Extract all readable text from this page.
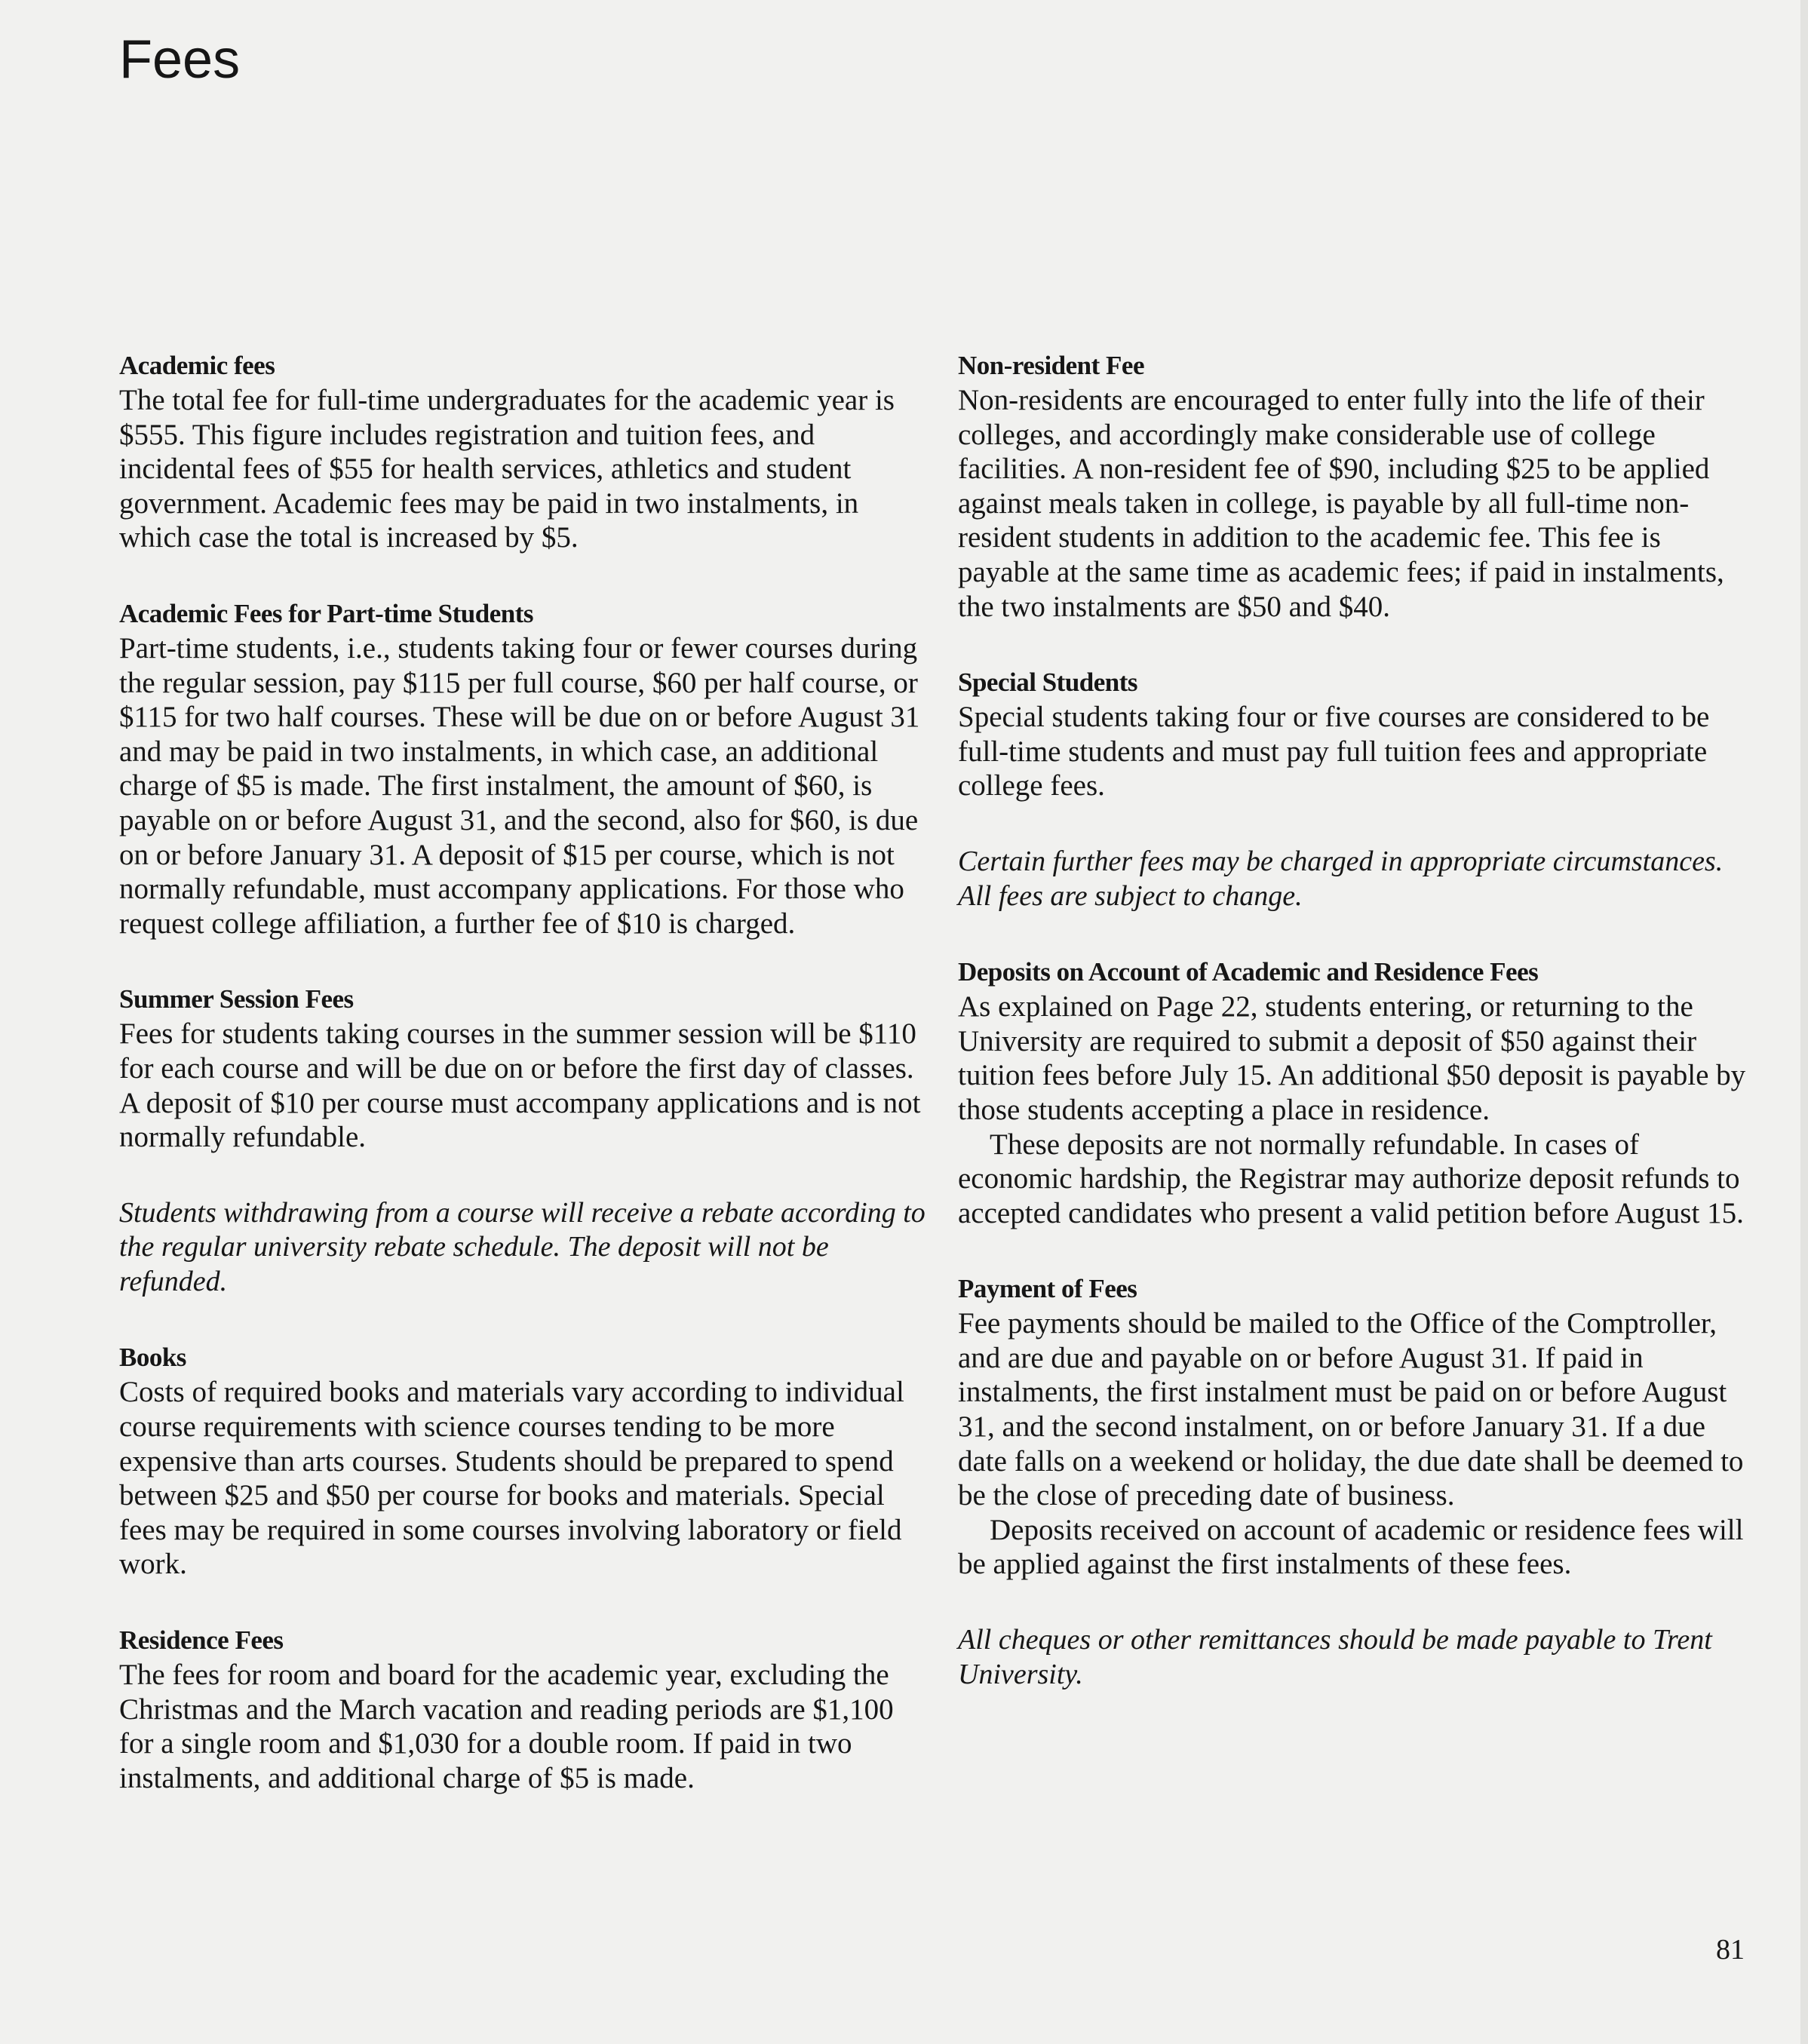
Fees

Academic fees

The total fee for full-time undergraduates for the academic year is $555. This figure includes registration and tuition fees, and incidental fees of $55 for health services, athletics and student government. Academic fees may be paid in two instalments, in which case the total is increased by $5.

Academic Fees for Part-time Students

Part-time students, i.e., students taking four or fewer courses during the regular session, pay $115 per full course, $60 per half course, or $115 for two half courses. These will be due on or before August 31 and may be paid in two instalments, in which case, an additional charge of $5 is made. The first instalment, the amount of $60, is payable on or before August 31, and the second, also for $60, is due on or before January 31. A deposit of $15 per course, which is not normally refundable, must accompany applications. For those who request college affiliation, a further fee of $10 is charged.

Summer Session Fees

Fees for students taking courses in the summer session will be $110 for each course and will be due on or before the first day of classes. A deposit of $10 per course must accompany applications and is not normally refundable.

Students withdrawing from a course will receive a rebate according to the regular university rebate schedule. The deposit will not be refunded.

Books

Costs of required books and materials vary according to individual course requirements with science courses tending to be more expensive than arts courses. Students should be prepared to spend between $25 and $50 per course for books and materials. Special fees may be required in some courses involving laboratory or field work.

Residence Fees

The fees for room and board for the academic year, excluding the Christmas and the March vacation and reading periods are $1,100 for a single room and $1,030 for a double room. If paid in two instalments, and additional charge of $5 is made.

Non-resident Fee

Non-residents are encouraged to enter fully into the life of their colleges, and accordingly make considerable use of college facilities. A non-resident fee of $90, including $25 to be applied against meals taken in college, is payable by all full-time non-resident students in addition to the academic fee. This fee is payable at the same time as academic fees; if paid in instalments, the two instalments are $50 and $40.

Special Students

Special students taking four or five courses are considered to be full-time students and must pay full tuition fees and appropriate college fees.

Certain further fees may be charged in appropriate circumstances.
All fees are subject to change.

Deposits on Account of Academic and Residence Fees

As explained on Page 22, students entering, or returning to the University are required to submit a deposit of $50 against their tuition fees before July 15. An additional $50 deposit is payable by those students accepting a place in residence.

These deposits are not normally refundable. In cases of economic hardship, the Registrar may authorize deposit refunds to accepted candidates who present a valid petition before August 15.

Payment of Fees

Fee payments should be mailed to the Office of the Comptroller, and are due and payable on or before August 31. If paid in instalments, the first instalment must be paid on or before August 31, and the second instalment, on or before January 31. If a due date falls on a weekend or holiday, the due date shall be deemed to be the close of preceding date of business.

Deposits received on account of academic or residence fees will be applied against the first instalments of these fees.

All cheques or other remittances should be made payable to Trent University.

81
